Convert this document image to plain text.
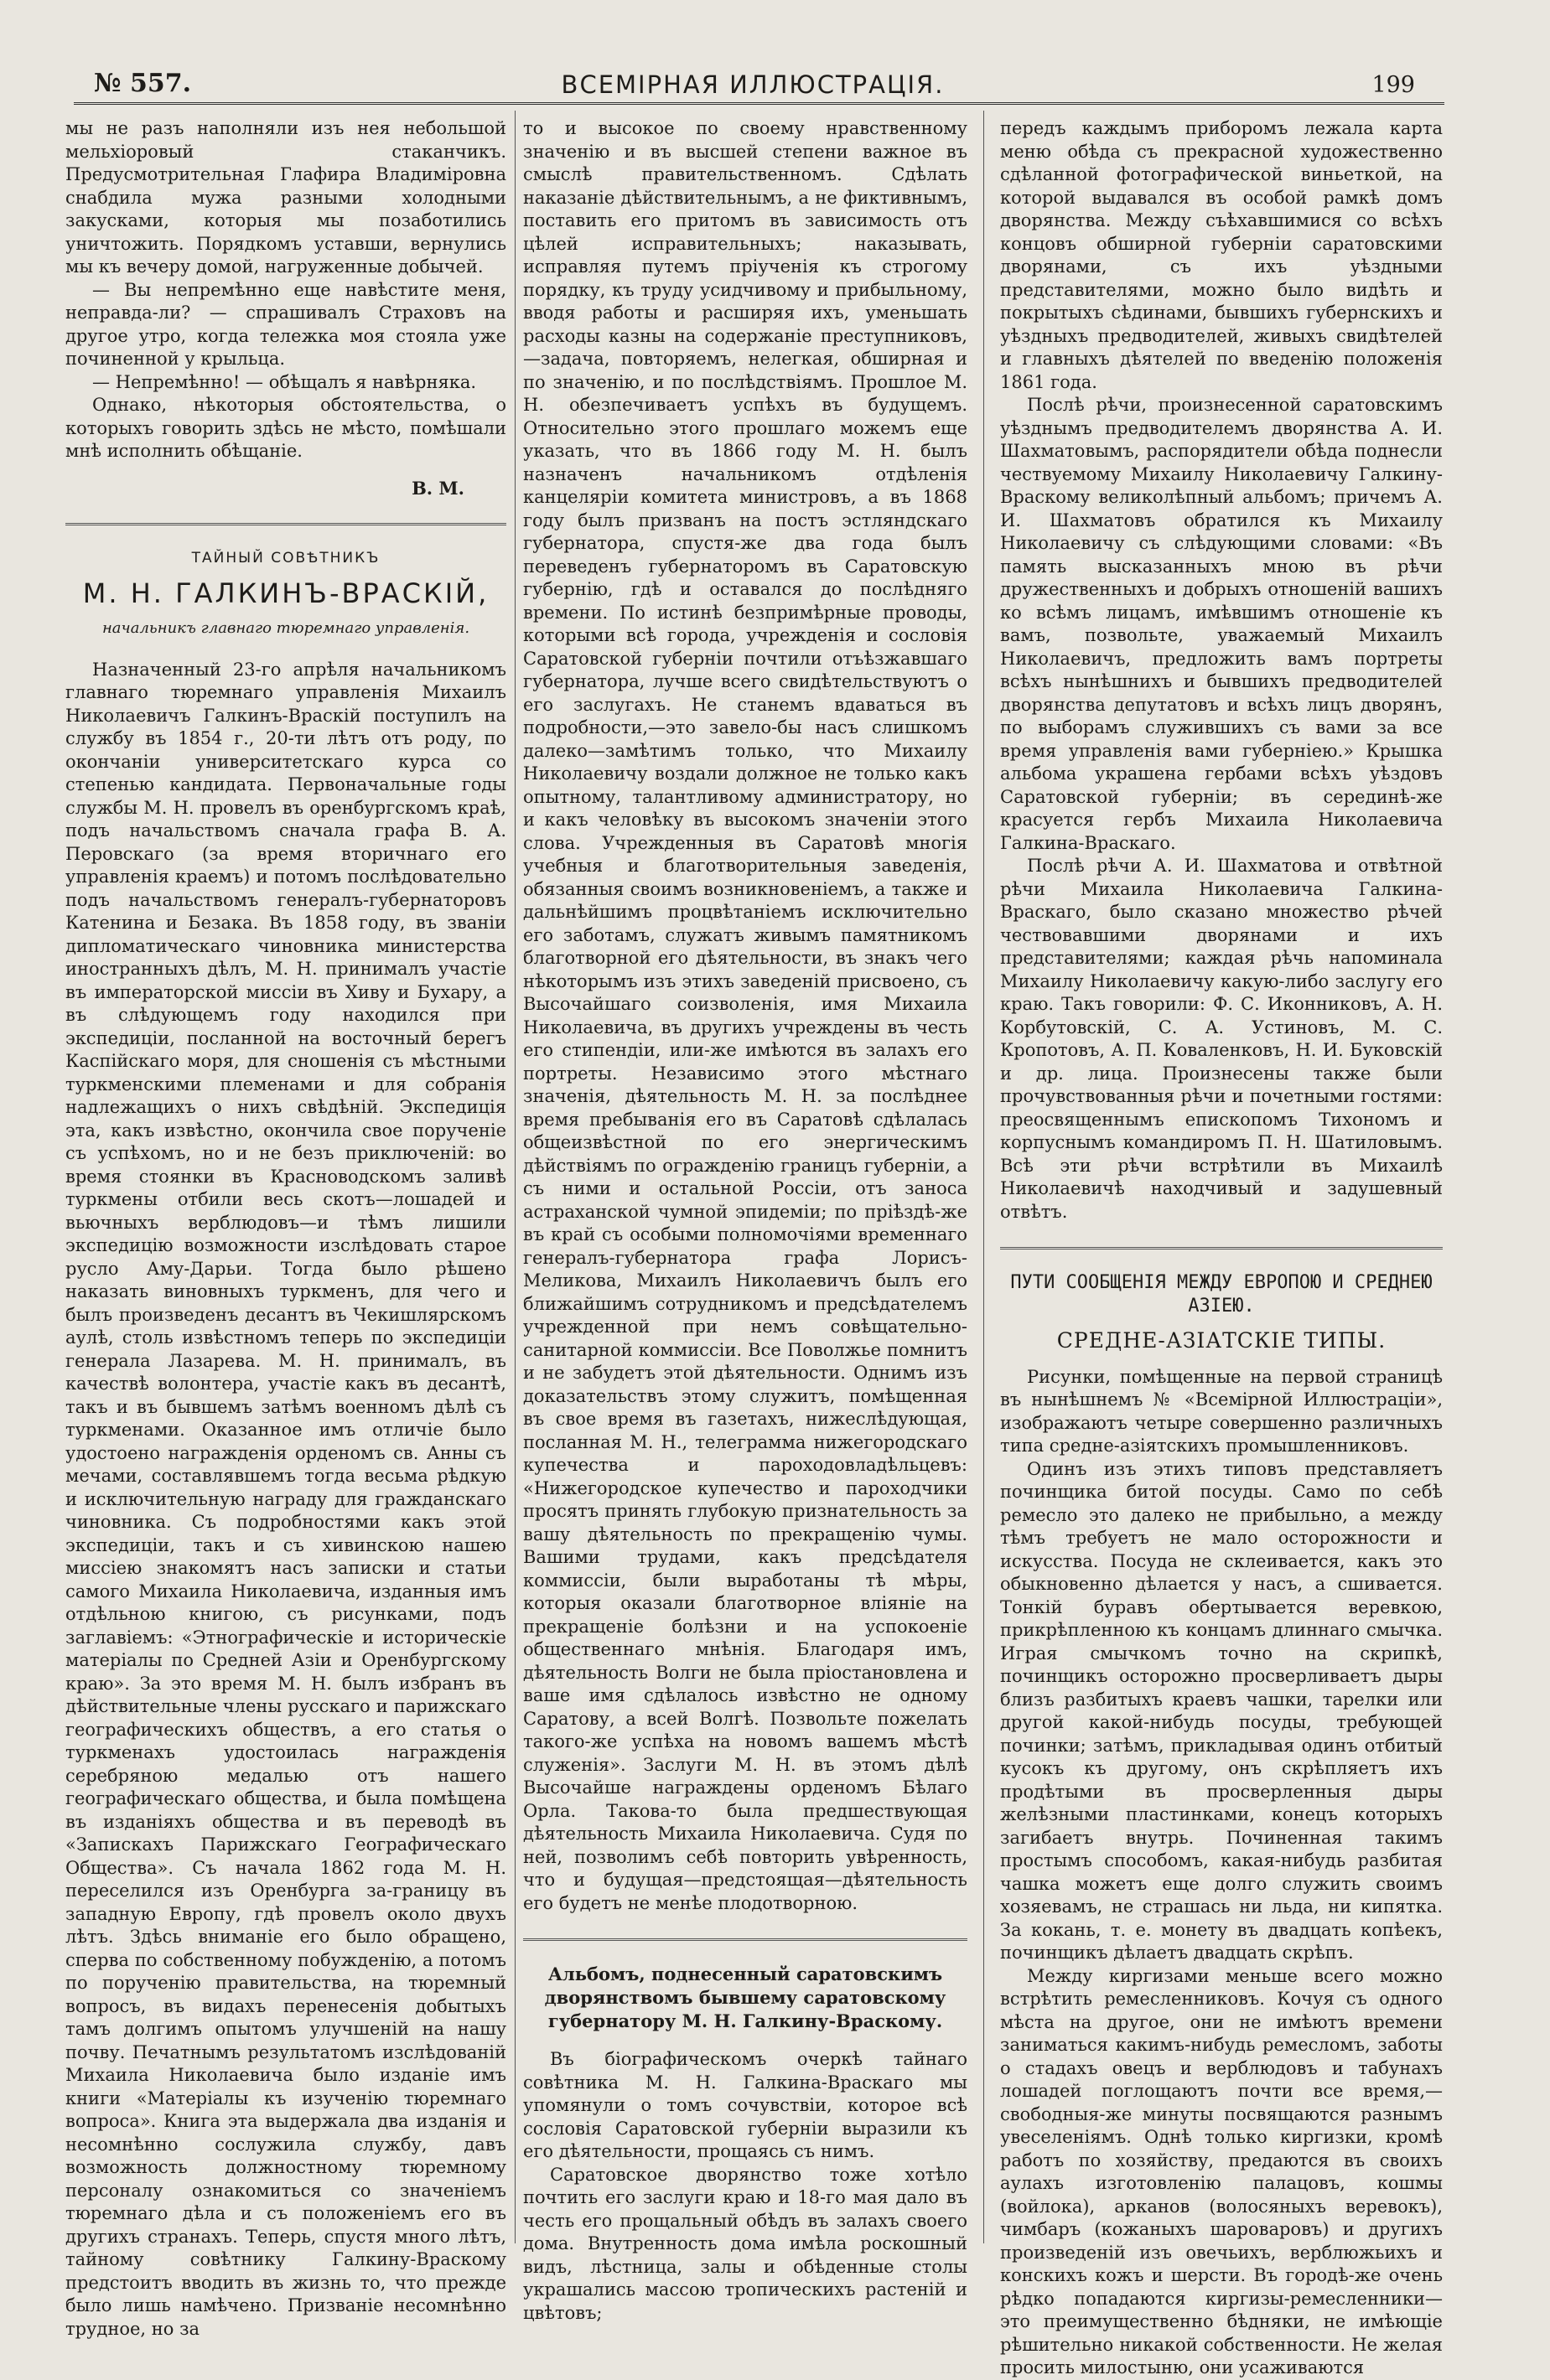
№ 557.	ВСЕМІРНАЯ ИЛЛЮСТРАЦІЯ.	199

мы не разъ наполняли изъ нея небольшой мельхіоровый стаканчикъ. Предусмотрительная Глафира Владиміровна снабдила мужа разными холодными закусками, которыя мы позаботились уничтожить. Порядкомъ уставши, вернулись мы къ вечеру домой, нагруженные добычей.

— Вы непремѣнно еще навѣстите меня, неправда-ли? — спрашивалъ Страховъ на другое утро, когда тележка моя стояла уже починенной у крыльца.

— Непремѣнно! — обѣщалъ я навѣрняка.

Однако, нѣкоторыя обстоятельства, о которыхъ говорить здѣсь не мѣсто, помѣшали мнѣ исполнить обѣщаніе.

В. М.
ТАЙНЫЙ СОВѢТНИКЪ
М. Н. ГАЛКИНЪ-ВРАСКІЙ,
начальникъ главнаго тюремнаго управленія.

Назначенный 23-го апрѣля начальникомъ главнаго тюремнаго управленія Михаилъ Николаевичъ Галкинъ-Враскій поступилъ на службу въ 1854 г., 20-ти лѣтъ отъ роду, по окончаніи университетскаго курса со степенью кандидата. Первоначальные годы службы М. Н. провелъ въ оренбургскомъ краѣ, подъ начальствомъ сначала графа В. А. Перовскаго (за время вторичнаго его управленія краемъ) и потомъ послѣдовательно подъ начальствомъ генералъ-губернаторовъ Катенина и Безака. Въ 1858 году, въ званіи дипломатическаго чиновника министерства иностранныхъ дѣлъ, М. Н. принималъ участіе въ императорской миссіи въ Хиву и Бухару, а въ слѣдующемъ году находился при экспедиціи, посланной на восточный берегъ Каспійскаго моря, для сношенія съ мѣстными туркменскими племенами и для собранія надлежащихъ о нихъ свѣдѣній. Экспедиція эта, какъ извѣстно, окончила свое порученіе съ успѣхомъ, но и не безъ приключеній: во время стоянки въ Красноводскомъ заливѣ туркмены отбили весь скотъ—лошадей и вьючныхъ верблюдовъ—и тѣмъ лишили экспедицію возможности изслѣдовать старое русло Аму-Дарьи. Тогда было рѣшено наказать виновныхъ туркменъ, для чего и былъ произведенъ десантъ въ Чекишлярскомъ аулѣ, столь извѣстномъ теперь по экспедиціи генерала Лазарева. М. Н. принималъ, въ качествѣ волонтера, участіе какъ въ десантѣ, такъ и въ бывшемъ затѣмъ военномъ дѣлѣ съ туркменами. Оказанное имъ отличіе было удостоено награжденія орденомъ св. Анны съ мечами, составлявшемъ тогда весьма рѣдкую и исключительную награду для гражданскаго чиновника. Съ подробностями какъ этой экспедиціи, такъ и съ хивинскою нашею миссіею знакомятъ насъ записки и статьи самого Михаила Николаевича, изданныя имъ отдѣльною книгою, съ рисунками, подъ заглавіемъ: «Этнографическіе и историческіе матеріалы по Средней Азіи и Оренбургскому краю». За это время М. Н. былъ избранъ въ дѣйствительные члены русскаго и парижскаго географическихъ обществъ, а его статья о туркменахъ удостоилась награжденія серебряною медалью отъ нашего географическаго общества, и была помѣщена въ изданіяхъ общества и въ переводѣ въ «Запискахъ Парижскаго Географическаго Общества». Съ начала 1862 года М. Н. переселился изъ Оренбурга за-границу въ западную Европу, гдѣ провелъ около двухъ лѣтъ. Здѣсь вниманіе его было обращено, сперва по собственному побужденію, а потомъ по порученію правительства, на тюремный вопросъ, въ видахъ перенесенія добытыхъ тамъ долгимъ опытомъ улучшеній на нашу почву. Печатнымъ результатомъ изслѣдованій Михаила Николаевича было изданіе имъ книги «Матеріалы къ изученію тюремнаго вопроса». Книга эта выдержала два изданія и несомнѣнно сослужила службу, давъ возможность должностному тюремному персоналу ознакомиться со значеніемъ тюремнаго дѣла и съ положеніемъ его въ другихъ странахъ. Теперь, спустя много лѣтъ, тайному совѣтнику Галкину-Враскому предстоитъ вводить въ жизнь то, что прежде было лишь намѣчено. Призваніе несомнѣнно трудное, но за

то и высокое по своему нравственному значенію и въ высшей степени важное въ смыслѣ правительственномъ. Сдѣлать наказаніе дѣйствительнымъ, а не фиктивнымъ, поставить его притомъ въ зависимость отъ цѣлей исправительныхъ; наказывать, исправляя путемъ пріученія къ строгому порядку, къ труду усидчивому и прибыльному, вводя работы и расширяя ихъ, уменьшать расходы казны на содержаніе преступниковъ,—задача, повторяемъ, нелегкая, обширная и по значенію, и по послѣдствіямъ. Прошлое М. Н. обезпечиваетъ успѣхъ въ будущемъ. Относительно этого прошлаго можемъ еще указать, что въ 1866 году М. Н. былъ назначенъ начальникомъ отдѣленія канцеляріи комитета министровъ, а въ 1868 году былъ призванъ на постъ эстляндскаго губернатора, спустя-же два года былъ переведенъ губернаторомъ въ Саратовскую губернію, гдѣ и оставался до послѣдняго времени. По истинѣ безпримѣрные проводы, которыми всѣ города, учрежденія и сословія Саратовской губерніи почтили отъѣзжавшаго губернатора, лучше всего свидѣтельствуютъ о его заслугахъ. Не станемъ вдаваться въ подробности,—это завело-бы насъ слишкомъ далеко—замѣтимъ только, что Михаилу Николаевичу воздали должное не только какъ опытному, талантливому администратору, но и какъ человѣку въ высокомъ значеніи этого слова. Учрежденныя въ Саратовѣ многія учебныя и благотворительныя заведенія, обязанныя своимъ возникновеніемъ, а также и дальнѣйшимъ процвѣтаніемъ исключительно его заботамъ, служатъ живымъ памятникомъ благотворной его дѣятельности, въ знакъ чего нѣкоторымъ изъ этихъ заведеній присвоено, съ Высочайшаго соизволенія, имя Михаила Николаевича, въ другихъ учреждены въ честь его стипендіи, или-же имѣются въ залахъ его портреты. Независимо этого мѣстнаго значенія, дѣятельность М. Н. за послѣднее время пребыванія его въ Саратовѣ сдѣлалась общеизвѣстной по его энергическимъ дѣйствіямъ по огражденію границъ губерніи, а съ ними и остальной Россіи, отъ заноса астраханской чумной эпидеміи; по пріѣздѣ-же въ край съ особыми полномочіями временнаго генералъ-губернатора графа Лорисъ-Меликова, Михаилъ Николаевичъ былъ его ближайшимъ сотрудникомъ и предсѣдателемъ учрежденной при немъ совѣщательно-санитарной коммиссіи. Все Поволжье помнитъ и не забудетъ этой дѣятельности. Однимъ изъ доказательствъ этому служитъ, помѣщенная въ свое время въ газетахъ, нижеслѣдующая, посланная М. Н., телеграмма нижегородскаго купечества и пароходовладѣльцевъ: «Нижегородское купечество и пароходчики просятъ принять глубокую признательность за вашу дѣятельность по прекращенію чумы. Вашими трудами, какъ предсѣдателя коммиссіи, были выработаны тѣ мѣры, которыя оказали благотворное вліяніе на прекращеніе болѣзни и на успокоеніе общественнаго мнѣнія. Благодаря имъ, дѣятельность Волги не была пріостановлена и ваше имя сдѣлалось извѣстно не одному Саратову, а всей Волгѣ. Позвольте пожелать такого-же успѣха на новомъ вашемъ мѣстѣ служенія». Заслуги М. Н. въ этомъ дѣлѣ Высочайше награждены орденомъ Бѣлаго Орла. Такова-то была предшествующая дѣятельность Михаила Николаевича. Судя по ней, позволимъ себѣ повторить увѣренность, что и будущая—предстоящая—дѣятельность его будетъ не менѣе плодотворною.

Альбомъ, поднесенный саратовскимъ дворянствомъ бывшему саратовскому губернатору М. Н. Галкину-Враскому.

Въ біографическомъ очеркѣ тайнаго совѣтника М. Н. Галкина-Враскаго мы упомянули о томъ сочувствіи, которое всѣ сословія Саратовской губерніи выразили къ его дѣятельности, прощаясь съ нимъ.

Саратовское дворянство тоже хотѣло почтить его заслуги краю и 18-го мая дало въ честь его прощальный обѣдъ въ залахъ своего дома. Внутренность дома имѣла роскошный видъ, лѣстница, залы и обѣденные столы украшались массою тропическихъ растеній и цвѣтовъ;

передъ каждымъ приборомъ лежала карта меню обѣда съ прекрасной художественно сдѣланной фотографической виньеткой, на которой выдавался въ особой рамкѣ домъ дворянства. Между съѣхавшимися со всѣхъ концовъ обширной губерніи саратовскими дворянами, съ ихъ уѣздными представителями, можно было видѣть и покрытыхъ сѣдинами, бывшихъ губернскихъ и уѣздныхъ предводителей, живыхъ свидѣтелей и главныхъ дѣятелей по введенію положенія 1861 года.

Послѣ рѣчи, произнесенной саратовскимъ уѣзднымъ предводителемъ дворянства А. И. Шахматовымъ, распорядители обѣда поднесли чествуемому Михаилу Николаевичу Галкину-Враскому великолѣпный альбомъ; причемъ А. И. Шахматовъ обратился къ Михаилу Николаевичу съ слѣдующими словами: «Въ память высказанныхъ мною въ рѣчи дружественныхъ и добрыхъ отношеній вашихъ ко всѣмъ лицамъ, имѣвшимъ отношеніе къ вамъ, позвольте, уважаемый Михаилъ Николаевичъ, предложить вамъ портреты всѣхъ нынѣшнихъ и бывшихъ предводителей дворянства депутатовъ и всѣхъ лицъ дворянъ, по выборамъ служившихъ съ вами за все время управленія вами губерніею.» Крышка альбома украшена гербами всѣхъ уѣздовъ Саратовской губерніи; въ серединѣ-же красуется гербъ Михаила Николаевича Галкина-Враскаго.

Послѣ рѣчи А. И. Шахматова и отвѣтной рѣчи Михаила Николаевича Галкина-Враскаго, было сказано множество рѣчей чествовавшими дворянами и ихъ представителями; каждая рѣчь напоминала Михаилу Николаевичу какую-либо заслугу его краю. Такъ говорили: Ф. С. Иконниковъ, А. Н. Корбутовскій, С. А. Устиновъ, М. С. Кропотовъ, А. П. Коваленковъ, Н. И. Буковскій и др. лица. Произнесены также были прочувствованныя рѣчи и почетными гостями: преосвященнымъ епископомъ Тихономъ и корпуснымъ командиромъ П. Н. Шатиловымъ. Всѣ эти рѣчи встрѣтили въ Михаилѣ Николаевичѣ находчивый и задушевный отвѣтъ.

ПУТИ СООБЩЕНІЯ МЕЖДУ ЕВРОПОЮ И СРЕДНЕЮ АЗІЕЮ.
СРЕДНЕ-АЗІАТСКІЕ ТИПЫ.

Рисунки, помѣщенные на первой страницѣ въ нынѣшнемъ № «Всемірной Иллюстраціи», изображаютъ четыре совершенно различныхъ типа средне-азіятскихъ промышленниковъ.

Одинъ изъ этихъ типовъ представляетъ починщика битой посуды. Само по себѣ ремесло это далеко не прибыльно, а между тѣмъ требуетъ не мало осторожности и искусства. Посуда не склеивается, какъ это обыкновенно дѣлается у насъ, а сшивается. Тонкій буравъ обертывается веревкою, прикрѣпленною къ концамъ длиннаго смычка. Играя смычкомъ точно на скрипкѣ, починщикъ осторожно просверливаетъ дыры близъ разбитыхъ краевъ чашки, тарелки или другой какой-нибудь посуды, требующей починки; затѣмъ, прикладывая одинъ отбитый кусокъ къ другому, онъ скрѣпляетъ ихъ продѣтыми въ просверленныя дыры желѣзными пластинками, конецъ которыхъ загибаетъ внутрь. Починенная такимъ простымъ способомъ, какая-нибудь разбитая чашка можетъ еще долго служить своимъ хозяевамъ, не страшась ни льда, ни кипятка. За кокань, т. е. монету въ двадцать копѣекъ, починщикъ дѣлаетъ двадцать скрѣпъ.

Между киргизами меньше всего можно встрѣтить ремесленниковъ. Кочуя съ одного мѣста на другое, они не имѣютъ времени заниматься какимъ-нибудь ремесломъ, заботы о стадахъ овецъ и верблюдовъ и табунахъ лошадей поглощаютъ почти все время,—свободныя-же минуты посвящаются разнымъ увеселеніямъ. Однѣ только киргизки, кромѣ работъ по хозяйству, предаются въ своихъ аулахъ изготовленію палацовъ, кошмы (войлока), арканов (волосяныхъ веревокъ), чимбаръ (кожаныхъ шароваровъ) и другихъ произведеній изъ овечьихъ, верблюжьихъ и конскихъ кожъ и шерсти. Въ городѣ-же очень рѣдко попадаются киргизы-ремесленники—это преимущественно бѣдняки, не имѣющіе рѣшительно никакой собственности. Не желая просить милостыню, они усаживаются
